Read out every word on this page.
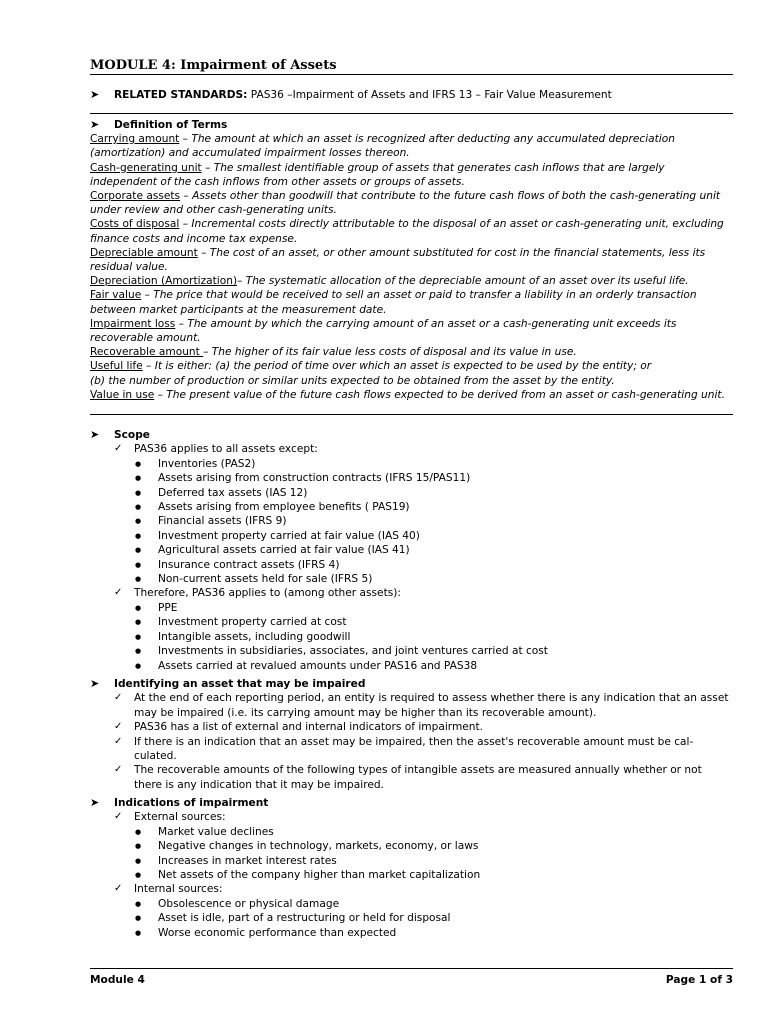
MODULE 4: Impairment of Assets
➤ RELATED STANDARDS: PAS36 –Impairment of Assets and IFRS 13 – Fair Value Measurement
➤ Definition of Terms
Carrying amount – The amount at which an asset is recognized after deducting any accumulated depreciation (amortization) and accumulated impairment losses thereon.
Cash-generating unit – The smallest identifiable group of assets that generates cash inflows that are largely independent of the cash inflows from other assets or groups of assets.
Corporate assets – Assets other than goodwill that contribute to the future cash flows of both the cash-generating unit under review and other cash-generating units.
Costs of disposal – Incremental costs directly attributable to the disposal of an asset or cash-generating unit, excluding finance costs and income tax expense.
Depreciable amount – The cost of an asset, or other amount substituted for cost in the financial statements, less its residual value.
Depreciation (Amortization)– The systematic allocation of the depreciable amount of an asset over its useful life.
Fair value – The price that would be received to sell an asset or paid to transfer a liability in an orderly transaction between market participants at the measurement date.
Impairment loss – The amount by which the carrying amount of an asset or a cash-generating unit exceeds its recoverable amount.
Recoverable amount – The higher of its fair value less costs of disposal and its value in use.
Useful life – It is either: (a) the period of time over which an asset is expected to be used by the entity; or
(b) the number of production or similar units expected to be obtained from the asset by the entity.
Value in use – The present value of the future cash flows expected to be derived from an asset or cash-generating unit.
➤ Scope
✓ PAS36 applies to all assets except:
● Inventories (PAS2)
● Assets arising from construction contracts (IFRS 15/PAS11)
● Deferred tax assets (IAS 12)
● Assets arising from employee benefits ( PAS19)
● Financial assets (IFRS 9)
● Investment property carried at fair value (IAS 40)
● Agricultural assets carried at fair value (IAS 41)
● Insurance contract assets (IFRS 4)
● Non-current assets held for sale (IFRS 5)
✓ Therefore, PAS36 applies to (among other assets):
● PPE
● Investment property carried at cost
● Intangible assets, including goodwill
● Investments in subsidiaries, associates, and joint ventures carried at cost
● Assets carried at revalued amounts under PAS16 and PAS38
➤ Identifying an asset that may be impaired
✓ At the end of each reporting period, an entity is required to assess whether there is any indication that an asset may be impaired (i.e. its carrying amount may be higher than its recoverable amount).
✓ PAS36 has a list of external and internal indicators of impairment.
✓ If there is an indication that an asset may be impaired, then the asset's recoverable amount must be cal-culated.
✓ The recoverable amounts of the following types of intangible assets are measured annually whether or not there is any indication that it may be impaired.
➤ Indications of impairment
✓ External sources:
● Market value declines
● Negative changes in technology, markets, economy, or laws
● Increases in market interest rates
● Net assets of the company higher than market capitalization
✓ Internal sources:
● Obsolescence or physical damage
● Asset is idle, part of a restructuring or held for disposal
● Worse economic performance than expected
Module 4	Page 1 of 3
